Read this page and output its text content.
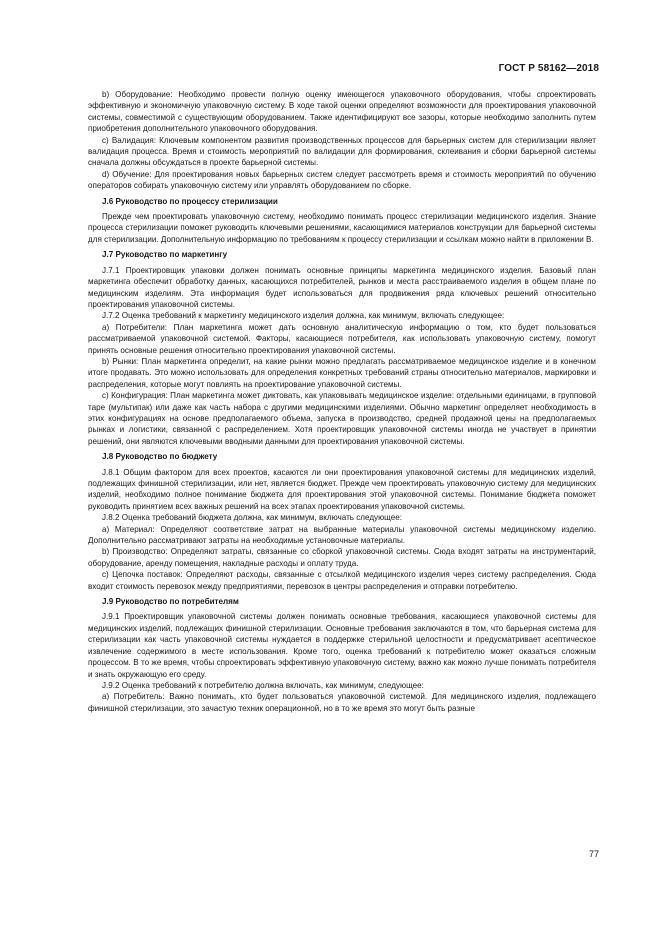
ГОСТ Р 58162—2018

b) Оборудование: Необходимо провести полную оценку имеющегося упаковочного оборудования, чтобы спроектировать эффективную и экономичную упаковочную систему. В ходе такой оценки определяют возможности для проектирования упаковочной системы, совместимой с существующим оборудованием. Также идентифицируют все зазоры, которые необходимо заполнить путем приобретения дополнительного упаковочного оборудования.

c) Валидация: Ключевым компонентом развития производственных процессов для барьерных систем для стерилизации являет валидация процесса. Время и стоимость мероприятий по валидации для формирования, склеивания и сборки барьерной системы сначала должны обсуждаться в проекте барьерной системы.

d) Обучение: Для проектирования новых барьерных систем следует рассмотреть время и стоимость мероприятий по обучению операторов собирать упаковочную систему или управлять оборудованием по сборке.

J.6 Руководство по процессу стерилизации

Прежде чем проектировать упаковочную систему, необходимо понимать процесс стерилизации медицинского изделия. Знание процесса стерилизации поможет руководить ключевыми решениями, касающимися материалов конструкции для барьерной системы для стерилизации. Дополнительную информацию по требованиям к процессу стерилизации и ссылкам можно найти в приложении В.

J.7 Руководство по маркетингу

J.7.1 Проектировщик упаковки должен понимать основные принципы маркетинга медицинского изделия. Базовый план маркетинга обеспечит обработку данных, касающихся потребителей, рынков и места расстраиваемого изделия в общем плане по медицинским изделиям. Эта информация будет использоваться для продвижения ряда ключевых решений относительно проектирования упаковочной системы.

J.7.2 Оценка требований к маркетингу медицинского изделия должна, как минимум, включать следующее:

a) Потребители: План маркетинга может дать основную аналитическую информацию о том, кто будет пользоваться рассматриваемой упаковочной системой. Факторы, касающиеся потребителя, как использовать упаковочную систему, помогут принять основные решения относительно проектирования упаковочной системы.

b) Рынки: План маркетинга определит, на какие рынки можно предлагать рассматриваемое медицинское изделие и в конечном итоге продавать. Это можно использовать для определения конкретных требований страны относительно материалов, маркировки и распределения, которые могут повлиять на проектирование упаковочной системы.

c) Конфигурация: План маркетинга может диктовать, как упаковывать медицинское изделие: отдельными единицами, в групповой таре (мультипак) или даже как часть набора с другими медицинскими изделиями. Обычно маркетинг определяет необходимость в этих конфигурациях на основе предполагаемого объема, запуска в производство, средней продажной цены на предполагаемых рынках и логистики, связанной с распределением. Хотя проектировщик упаковочной системы иногда не участвует в принятии решений, они являются ключевыми вводными данными для проектирования упаковочной системы.

J.8 Руководство по бюджету

J.8.1 Общим фактором для всех проектов, касаются ли они проектирования упаковочной системы для медицинских изделий, подлежащих финишной стерилизации, или нет, является бюджет. Прежде чем проектировать упаковочную систему для медицинских изделий, необходимо полное понимание бюджета для проектирования этой упаковочной системы. Понимание бюджета поможет руководить принятием всех важных решений на всех этапах проектирования упаковочной системы.

J.8.2 Оценка требований бюджета должна, как минимум, включать следующее:

a) Материал: Определяют соответствие затрат на выбранные материалы упаковочной системы медицинскому изделию. Дополнительно рассматривают затраты на необходимые установочные материалы.

b) Производство: Определяют затраты, связанные со сборкой упаковочной системы. Сюда входят затраты на инструментарий, оборудование, аренду помещения, накладные расходы и оплату труда.

c) Цепочка поставок: Определяют расходы, связанные с отсылкой медицинского изделия через систему распределения. Сюда входит стоимость перевозок между предприятиями, перевозок в центры распределения и отправки потребителю.

J.9 Руководство по потребителям

J.9.1 Проектировщик упаковочной системы должен понимать основные требования, касающиеся упаковочной системы для медицинских изделий, подлежащих финишной стерилизации. Основные требования заключаются в том, что барьерная система для стерилизации как часть упаковочной системы нуждается в поддержке стерильной целостности и предусматривает асептическое извлечение содержимого в месте использования. Кроме того, оценка требований к потребителю может оказаться сложным процессом. В то же время, чтобы спроектировать эффективную упаковочную систему, важно как можно лучше понимать потребителя и знать окружающую его среду.

J.9.2 Оценка требований к потребителю должна включать, как минимум, следующее:

a) Потребитель: Важно понимать, кто будет пользоваться упаковочной системой. Для медицинского изделия, подлежащего финишной стерилизации, это зачастую техник операционной, но в то же время это могут быть разные

77
